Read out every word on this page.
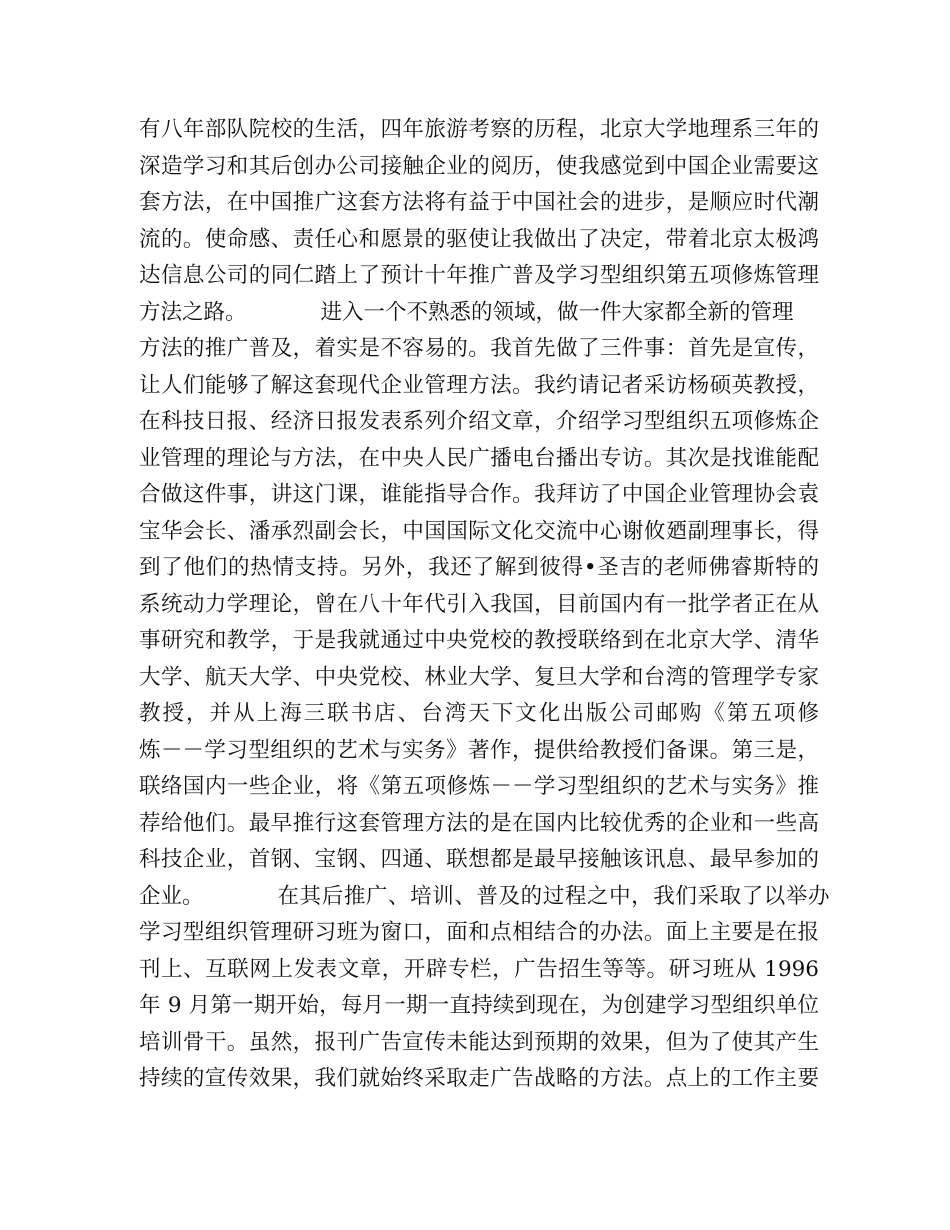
有八年部队院校的生活，四年旅游考察的历程，北京大学地理系三年的
深造学习和其后创办公司接触企业的阅历，使我感觉到中国企业需要这
套方法，在中国推广这套方法将有益于中国社会的进步，是顺应时代潮
流的。使命感、责任心和愿景的驱使让我做出了决定，带着北京太极鸿
达信息公司的同仁踏上了预计十年推广普及学习型组织第五项修炼管理
方法之路。	进入一个不熟悉的领域，做一件大家都全新的管理
方法的推广普及，着实是不容易的。我首先做了三件事：首先是宣传，
让人们能够了解这套现代企业管理方法。我约请记者采访杨硕英教授，
在科技日报、经济日报发表系列介绍文章，介绍学习型组织五项修炼企
业管理的理论与方法，在中央人民广播电台播出专访。其次是找谁能配
合做这件事，讲这门课，谁能指导合作。我拜访了中国企业管理协会袁
宝华会长、潘承烈副会长，中国国际文化交流中心谢攸廼副理事长，得
到了他们的热情支持。另外，我还了解到彼得•圣吉的老师佛睿斯特的
系统动力学理论，曾在八十年代引入我国，目前国内有一批学者正在从
事研究和教学，于是我就通过中央党校的教授联络到在北京大学、清华
大学、航天大学、中央党校、林业大学、复旦大学和台湾的管理学专家
教授，并从上海三联书店、台湾天下文化出版公司邮购《第五项修
炼－－学习型组织的艺术与实务》著作，提供给教授们备课。第三是，
联络国内一些企业，将《第五项修炼－－学习型组织的艺术与实务》推
荐给他们。最早推行这套管理方法的是在国内比较优秀的企业和一些高
科技企业，首钢、宝钢、四通、联想都是最早接触该讯息、最早参加的
企业。	在其后推广、培训、普及的过程之中，我们采取了以举办
学习型组织管理研习班为窗口，面和点相结合的办法。面上主要是在报
刊上、互联网上发表文章，开辟专栏，广告招生等等。研习班从 1996
年 9 月第一期开始，每月一期一直持续到现在，为创建学习型组织单位
培训骨干。虽然，报刊广告宣传未能达到预期的效果，但为了使其产生
持续的宣传效果，我们就始终采取走广告战略的方法。点上的工作主要
